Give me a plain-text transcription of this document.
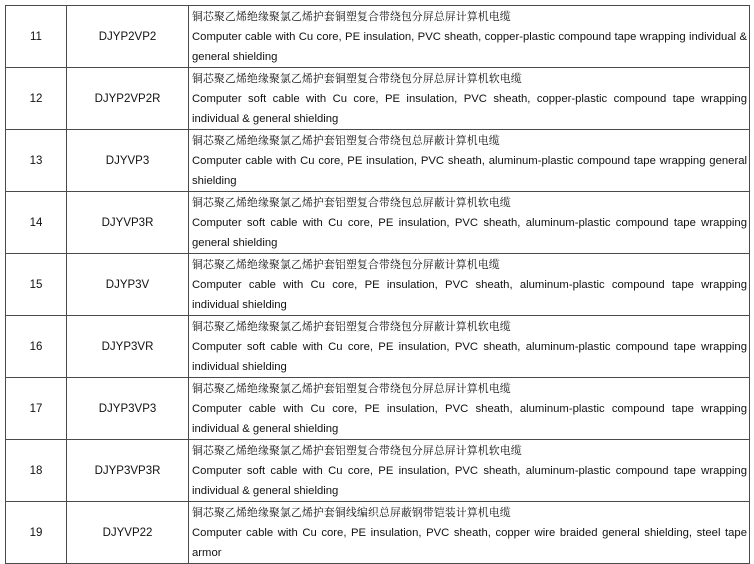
11	DJYP2VP2	铜芯聚乙烯绝缘聚氯乙烯护套铜塑复合带绕包分屏总屏计算机电缆
Computer cable with Cu core, PE insulation, PVC sheath, copper-plastic compound tape wrapping individual & general shielding

12	DJYP2VP2R	铜芯聚乙烯绝缘聚氯乙烯护套铜塑复合带绕包分屏总屏计算机软电缆
Computer soft cable with Cu core, PE insulation, PVC sheath, copper-plastic compound tape wrapping individual & general shielding

13	DJYVP3	铜芯聚乙烯绝缘聚氯乙烯护套铝塑复合带绕包总屏蔽计算机电缆
Computer cable with Cu core, PE insulation, PVC sheath, aluminum-plastic compound tape wrapping general shielding

14	DJYVP3R	铜芯聚乙烯绝缘聚氯乙烯护套铝塑复合带绕包总屏蔽计算机软电缆
Computer soft cable with Cu core, PE insulation, PVC sheath, aluminum-plastic compound tape wrapping general shielding

15	DJYP3V	铜芯聚乙烯绝缘聚氯乙烯护套铝塑复合带绕包分屏蔽计算机电缆
Computer cable with Cu core, PE insulation, PVC sheath, aluminum-plastic compound tape wrapping individual shielding

16	DJYP3VR	铜芯聚乙烯绝缘聚氯乙烯护套铝塑复合带绕包分屏蔽计算机软电缆
Computer soft cable with Cu core, PE insulation, PVC sheath, aluminum-plastic compound tape wrapping individual shielding

17	DJYP3VP3	铜芯聚乙烯绝缘聚氯乙烯护套铝塑复合带绕包分屏总屏计算机电缆
Computer cable with Cu core, PE insulation, PVC sheath, aluminum-plastic compound tape wrapping individual & general shielding

18	DJYP3VP3R	铜芯聚乙烯绝缘聚氯乙烯护套铝塑复合带绕包分屏总屏计算机软电缆
Computer soft cable with Cu core, PE insulation, PVC sheath, aluminum-plastic compound tape wrapping individual & general shielding

19	DJYVP22	铜芯聚乙烯绝缘聚氯乙烯护套铜线编织总屏蔽钢带铠装计算机电缆
Computer cable with Cu core, PE insulation, PVC sheath, copper wire braided general shielding, steel tape armor
